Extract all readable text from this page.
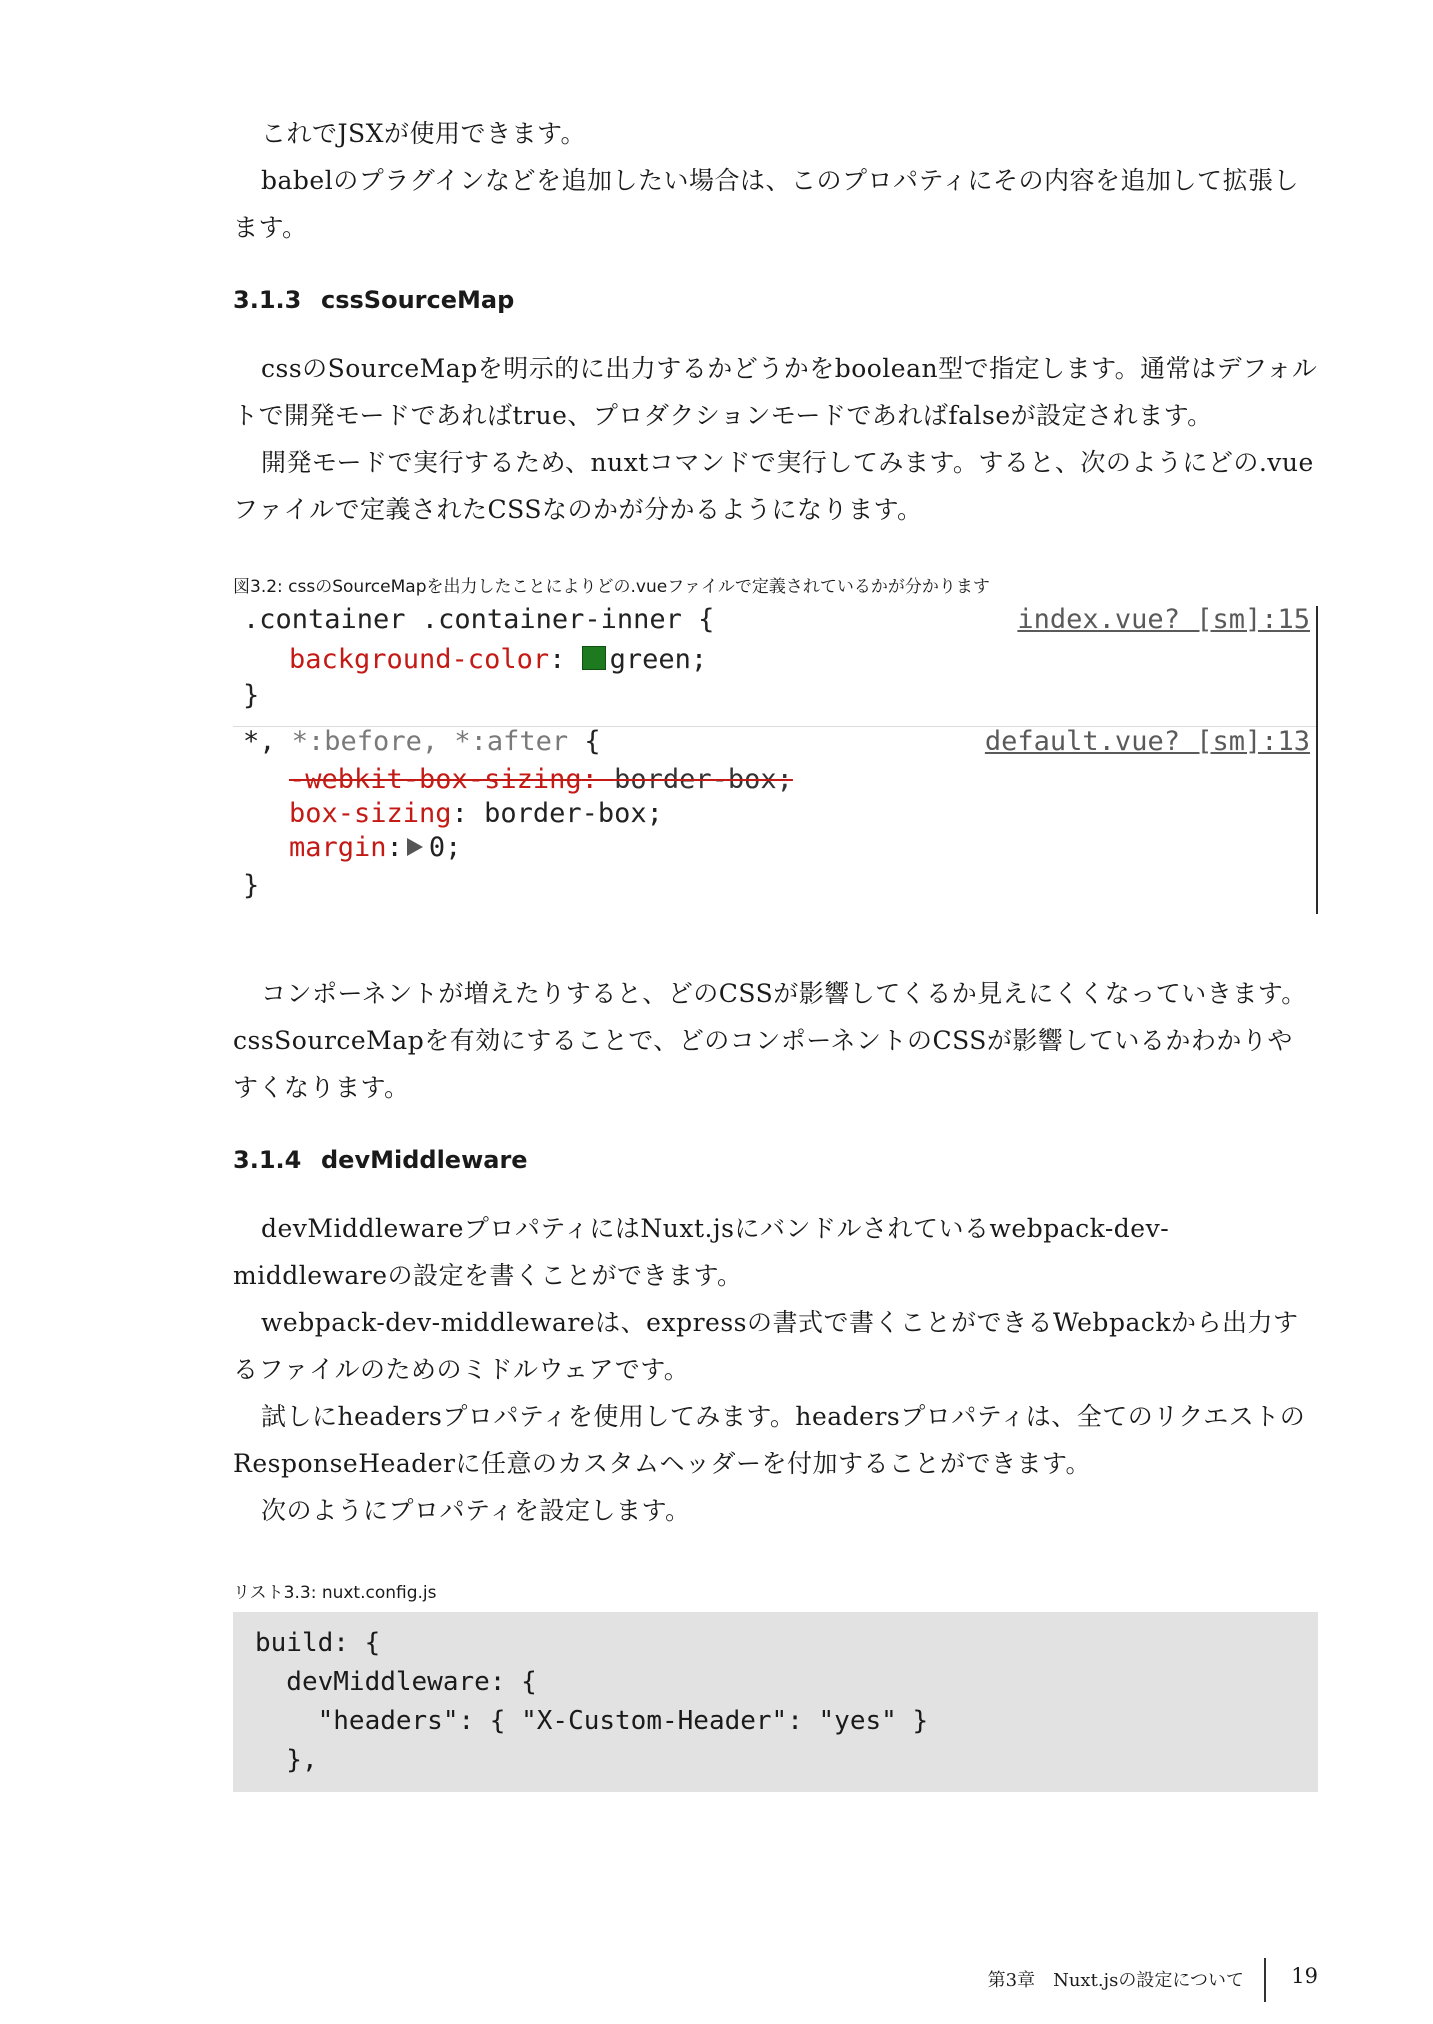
これでJSXが使用できます。

babelのプラグインなどを追加したい場合は、このプロパティにその内容を追加して拡張します。

3.1.3 cssSourceMap

cssのSourceMapを明示的に出力するかどうかをboolean型で指定します。通常はデフォルトで開発モードであればtrue、プロダクションモードであればfalseが設定されます。

開発モードで実行するため、nuxtコマンドで実行してみます。すると、次のようにどの.vueファイルで定義されたCSSなのかが分かるようになります。

図3.2: cssのSourceMapを出力したことによりどの.vueファイルで定義されているかが分かります

.container .container-inner {	index.vue? [sm]:15
background-color: green;
}
*, *:before, *:after {	default.vue? [sm]:13
-webkit-box-sizing: border-box;
box-sizing: border-box;
margin: 0;
}

コンポーネントが増えたりすると、どのCSSが影響してくるか見えにくくなっていきます。cssSourceMapを有効にすることで、どのコンポーネントのCSSが影響しているかわかりやすくなります。

3.1.4 devMiddleware

devMiddlewareプロパティにはNuxt.jsにバンドルされているwebpack-dev-middlewareの設定を書くことができます。

webpack-dev-middlewareは、expressの書式で書くことができるWebpackから出力するファイルのためのミドルウェアです。

試しにheadersプロパティを使用してみます。headersプロパティは、全てのリクエストのResponseHeaderに任意のカスタムヘッダーを付加することができます。

次のようにプロパティを設定します。

リスト3.3: nuxt.config.js

build: {
devMiddleware: {
"headers": { "X-Custom-Header": "yes" }
},
第3章　Nuxt.jsの設定について 19
